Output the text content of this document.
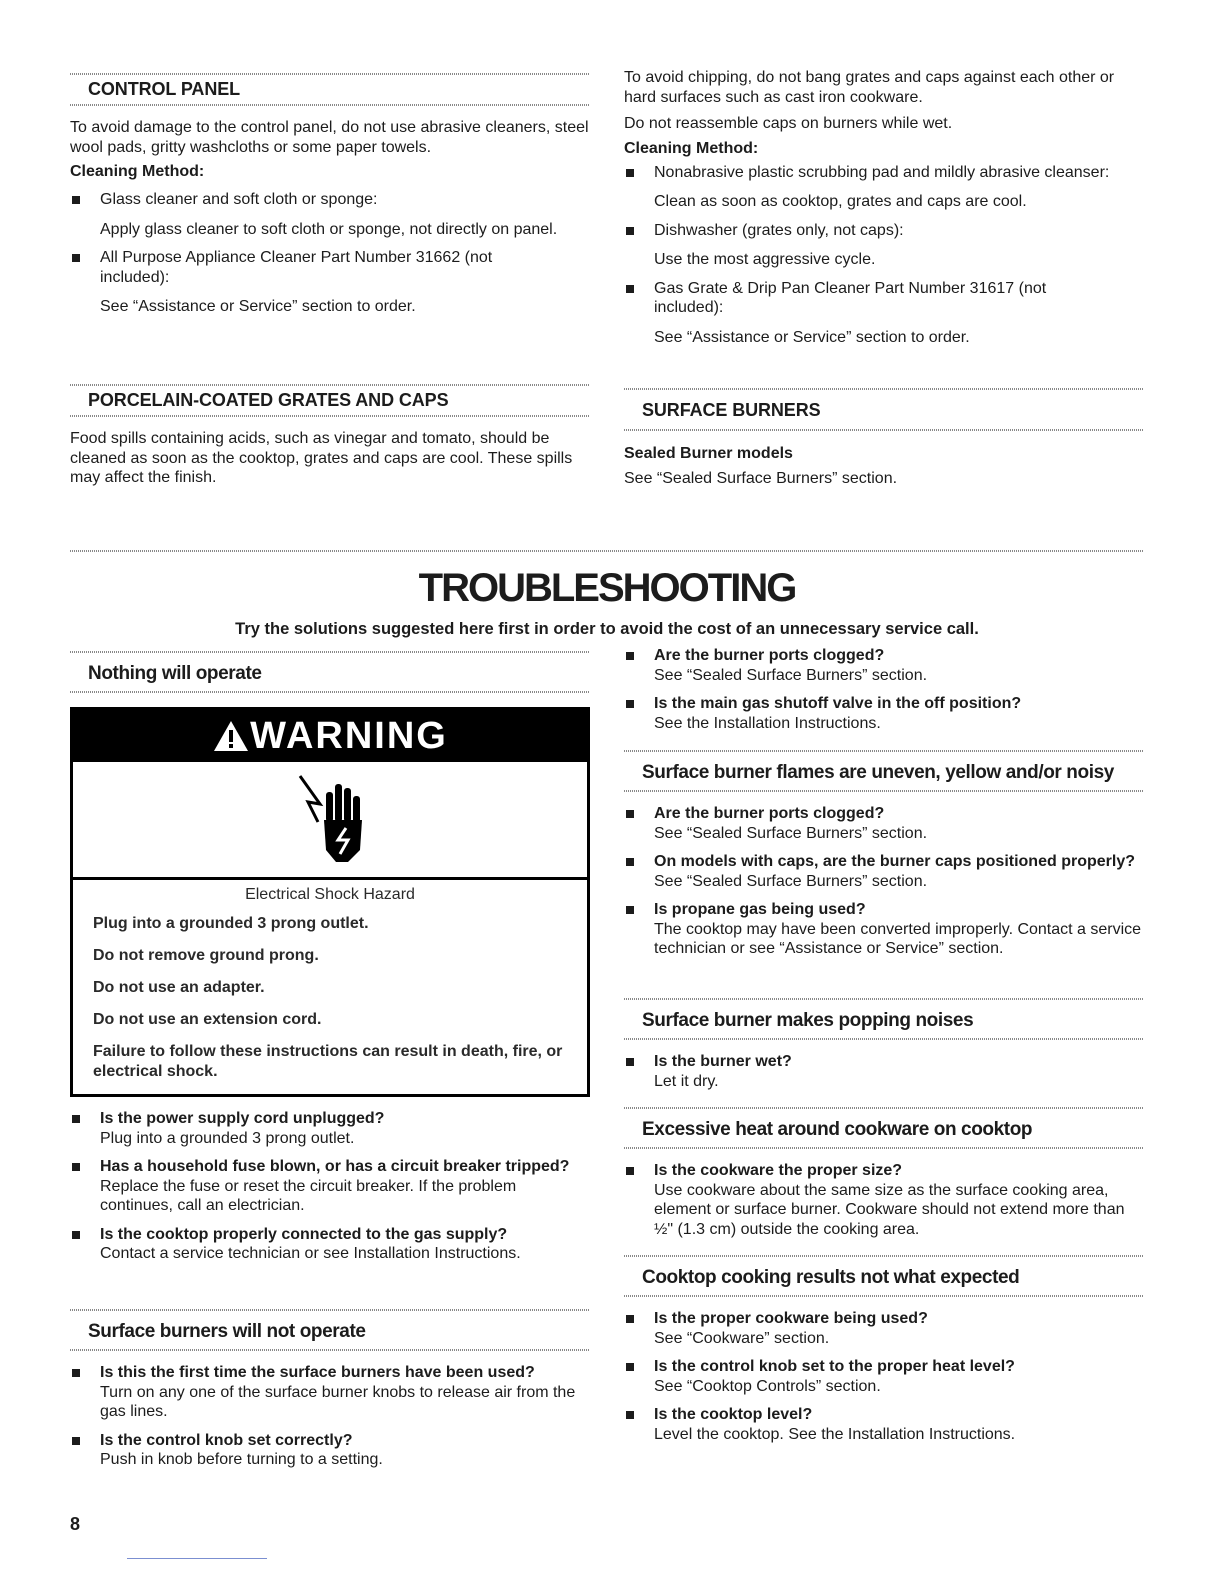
CONTROL PANEL

To avoid damage to the control panel, do not use abrasive cleaners, steel wool pads, gritty washcloths or some paper towels.

Cleaning Method:
Glass cleaner and soft cloth or sponge:
Apply glass cleaner to soft cloth or sponge, not directly on panel.
All Purpose Appliance Cleaner Part Number 31662 (not included):
See “Assistance or Service” section to order.
PORCELAIN-COATED GRATES AND CAPS

Food spills containing acids, such as vinegar and tomato, should be cleaned as soon as the cooktop, grates and caps are cool. These spills may affect the finish.

To avoid chipping, do not bang grates and caps against each other or hard surfaces such as cast iron cookware.

Do not reassemble caps on burners while wet.

Cleaning Method:
Nonabrasive plastic scrubbing pad and mildly abrasive cleanser:
Clean as soon as cooktop, grates and caps are cool.
Dishwasher (grates only, not caps):
Use the most aggressive cycle.
Gas Grate & Drip Pan Cleaner Part Number 31617 (not included):
See “Assistance or Service” section to order.
SURFACE BURNERS
Sealed Burner models

See “Sealed Surface Burners” section.

TROUBLESHOOTING
Try the solutions suggested here first in order to avoid the cost of an unnecessary service call.
Nothing will operate
WARNING
Electrical Shock Hazard
Plug into a grounded 3 prong outlet.
Do not remove ground prong.
Do not use an adapter.
Do not use an extension cord.
Failure to follow these instructions can result in death, fire, or electrical shock.
Is the power supply cord unplugged?
Plug into a grounded 3 prong outlet.
Has a household fuse blown, or has a circuit breaker tripped?
Replace the fuse or reset the circuit breaker. If the problem continues, call an electrician.
Is the cooktop properly connected to the gas supply?
Contact a service technician or see Installation Instructions.
Surface burners will not operate
Is this the first time the surface burners have been used?
Turn on any one of the surface burner knobs to release air from the gas lines.
Is the control knob set correctly?
Push in knob before turning to a setting.
Are the burner ports clogged?
See “Sealed Surface Burners” section.
Is the main gas shutoff valve in the off position?
See the Installation Instructions.
Surface burner flames are uneven, yellow and/or noisy
Are the burner ports clogged?
See “Sealed Surface Burners” section.
On models with caps, are the burner caps positioned properly?
See “Sealed Surface Burners” section.
Is propane gas being used?
The cooktop may have been converted improperly. Contact a service technician or see “Assistance or Service” section.
Surface burner makes popping noises
Is the burner wet?
Let it dry.
Excessive heat around cookware on cooktop
Is the cookware the proper size?
Use cookware about the same size as the surface cooking area, element or surface burner. Cookware should not extend more than ½" (1.3 cm) outside the cooking area.
Cooktop cooking results not what expected
Is the proper cookware being used?
See “Cookware” section.
Is the control knob set to the proper heat level?
See “Cooktop Controls” section.
Is the cooktop level?
Level the cooktop. See the Installation Instructions.
8
